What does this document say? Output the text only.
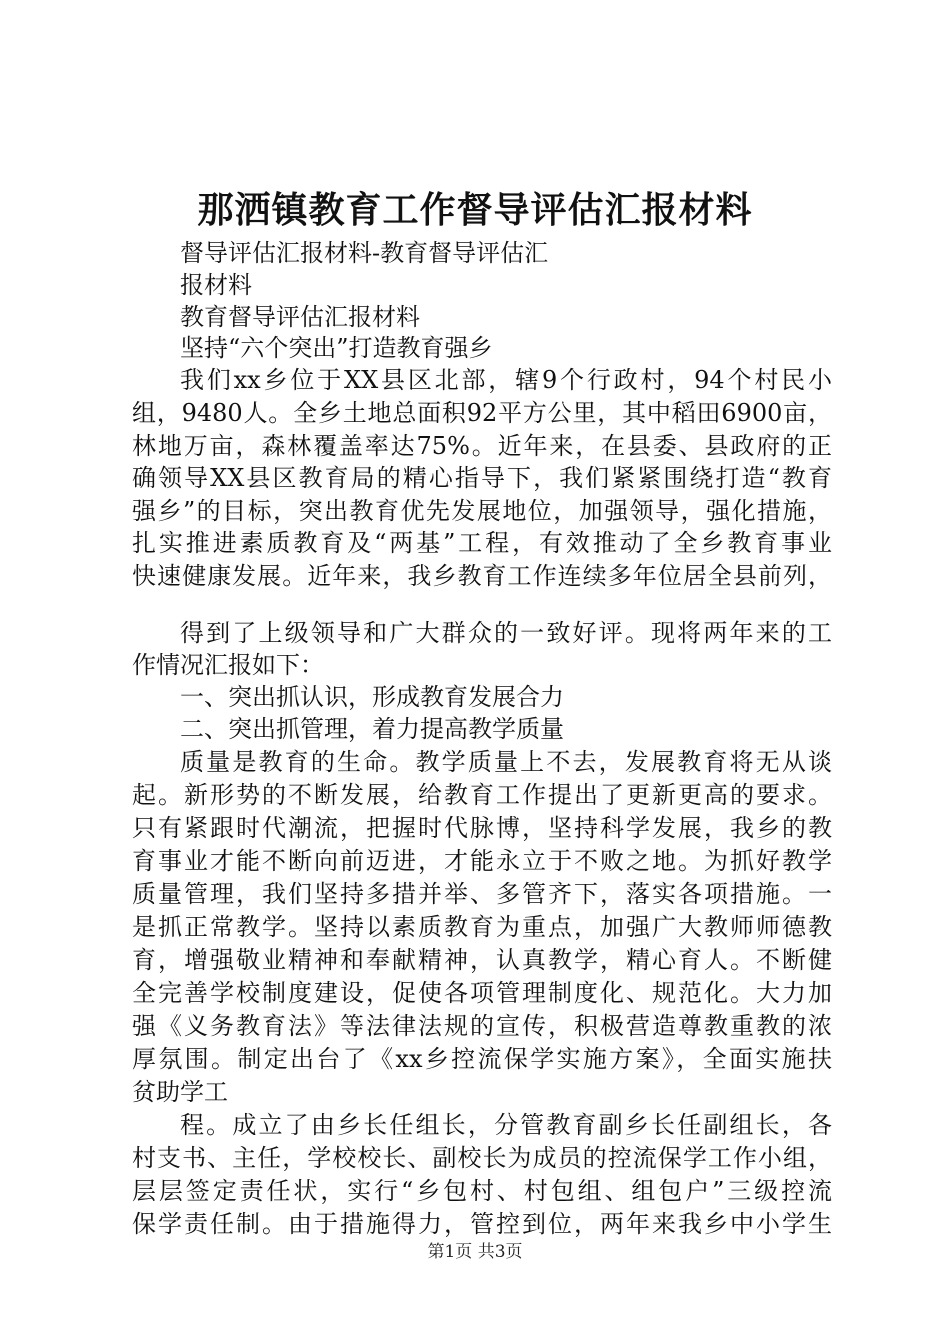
那洒镇教育工作督导评估汇报材料
督导评估汇报材料-教育督导评估汇
报材料
教育督导评估汇报材料
坚持“六个突出”打造教育强乡
我们xx乡位于XX县区北部，辖9个行政村，94个村民小
组，9480人。全乡土地总面积92平方公里，其中稻田6900亩，
林地万亩，森林覆盖率达75%。近年来，在县委、县政府的正
确领导XX县区教育局的精心指导下，我们紧紧围绕打造“教育
强乡”的目标，突出教育优先发展地位，加强领导，强化措施，
扎实推进素质教育及“两基”工程，有效推动了全乡教育事业
快速健康发展。近年来，我乡教育工作连续多年位居全县前列，
得到了上级领导和广大群众的一致好评。现将两年来的工
作情况汇报如下：
一、突出抓认识，形成教育发展合力
二、突出抓管理，着力提高教学质量
质量是教育的生命。教学质量上不去，发展教育将无从谈
起。新形势的不断发展，给教育工作提出了更新更高的要求。
只有紧跟时代潮流，把握时代脉博，坚持科学发展，我乡的教
育事业才能不断向前迈进，才能永立于不败之地。为抓好教学
质量管理，我们坚持多措并举、多管齐下，落实各项措施。一
是抓正常教学。坚持以素质教育为重点，加强广大教师师德教
育，增强敬业精神和奉献精神，认真教学，精心育人。不断健
全完善学校制度建设，促使各项管理制度化、规范化。大力加
强《义务教育法》等法律法规的宣传，积极营造尊教重教的浓
厚氛围。制定出台了《xx乡控流保学实施方案》，全面实施扶
贫助学工
程。成立了由乡长任组长，分管教育副乡长任副组长，各
村支书、主任，学校校长、副校长为成员的控流保学工作小组，
层层签定责任状，实行“乡包村、村包组、组包户”三级控流
保学责任制。由于措施得力，管控到位，两年来我乡中小学生
第1页 共3页
